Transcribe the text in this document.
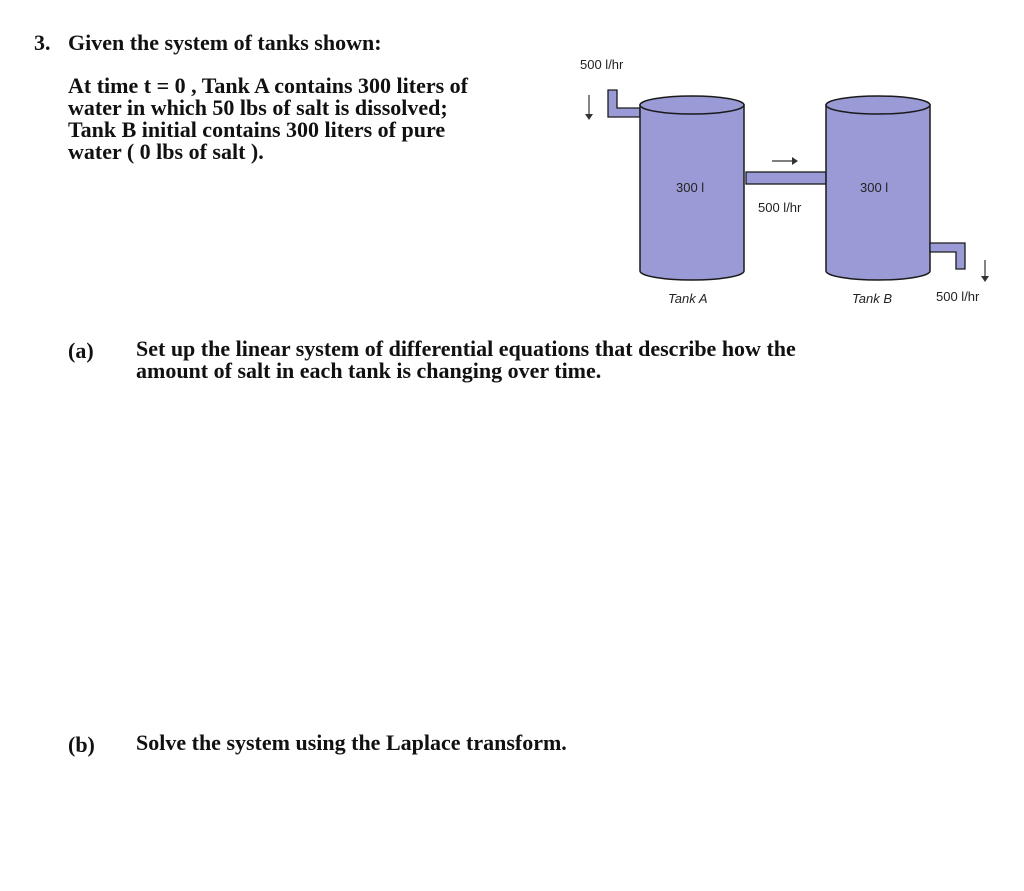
3. Given the system of tanks shown:
At time t = 0 , Tank A contains 300 liters of
water in which 50 lbs of salt is dissolved;
Tank B initial contains 300 liters of pure
water ( 0 lbs of salt ).
500 l/hr
500 l/hr
300 l
Tank A
300 l
Tank B	500 l/hr
(a) Set up the linear system of differential equations that describe how the
amount of salt in each tank is changing over time.
(b) Solve the system using the Laplace transform.
